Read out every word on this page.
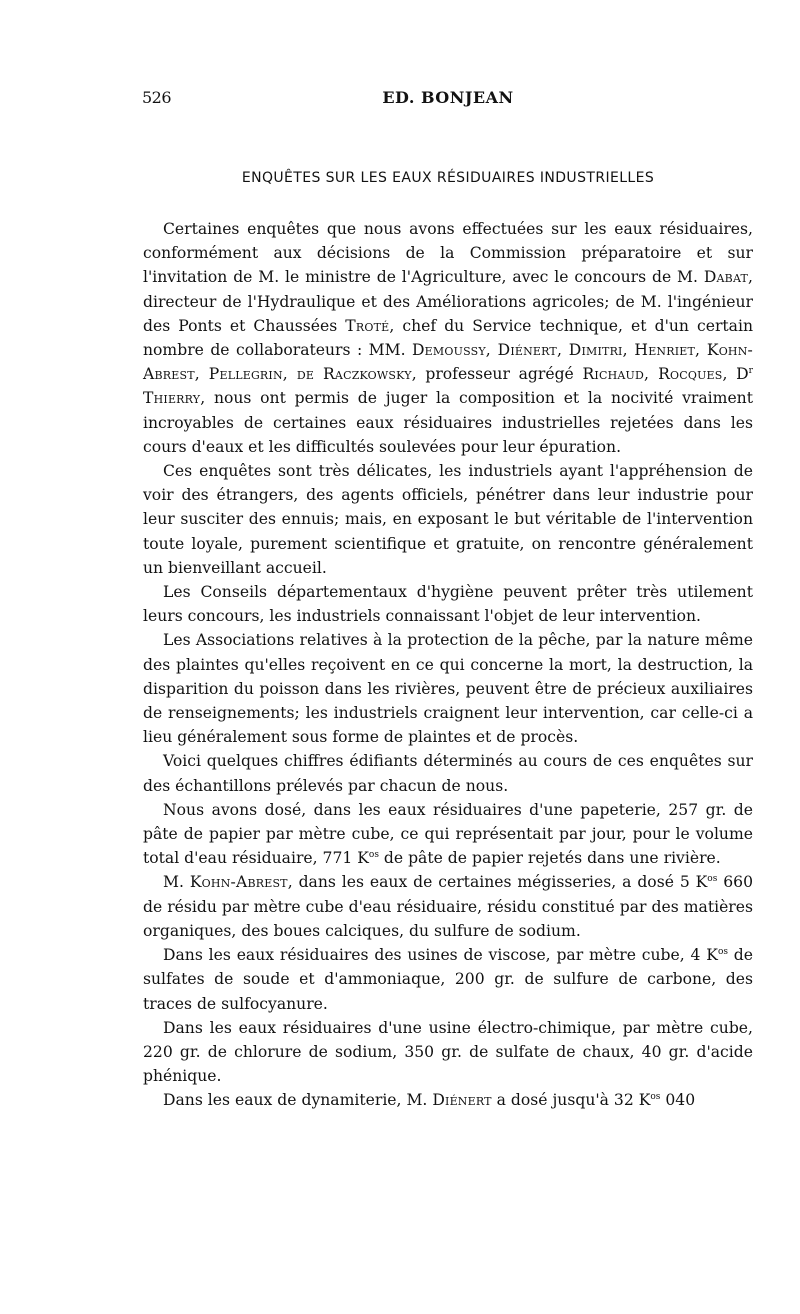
526	ED. BONJEAN
ENQUÊTES SUR LES EAUX RÉSIDUAIRES INDUSTRIELLES

Certaines enquêtes que nous avons effectuées sur les eaux résiduaires, conformément aux décisions de la Commission préparatoire et sur l'invitation de M. le ministre de l'Agriculture, avec le concours de M. Dabat, directeur de l'Hydraulique et des Améliorations agricoles; de M. l'ingénieur des Ponts et Chaussées Troté, chef du Service technique, et d'un certain nombre de collaborateurs : MM. Demoussy, Diénert, Dimitri, Henriet, Kohn-Abrest, Pellegrin, de Raczkowsky, professeur agrégé Richaud, Rocques, $D^r$ Thierry, nous ont permis de juger la composition et la nocivité vraiment incroyables de certaines eaux résiduaires industrielles rejetées dans les cours d'eaux et les difficultés soulevées pour leur épuration.

Ces enquêtes sont très délicates, les industriels ayant l'appréhension de voir des étrangers, des agents officiels, pénétrer dans leur industrie pour leur susciter des ennuis; mais, en exposant le but véritable de l'intervention toute loyale, purement scientifique et gratuite, on rencontre généralement un bienveillant accueil.

Les Conseils départementaux d'hygiène peuvent prêter très utilement leurs concours, les industriels connaissant l'objet de leur intervention.

Les Associations relatives à la protection de la pêche, par la nature même des plaintes qu'elles reçoivent en ce qui concerne la mort, la destruction, la disparition du poisson dans les rivières, peuvent être de précieux auxiliaires de renseignements; les industriels craignent leur intervention, car celle-ci a lieu généralement sous forme de plaintes et de procès.

Voici quelques chiffres édifiants déterminés au cours de ces enquêtes sur des échantillons prélevés par chacun de nous.

Nous avons dosé, dans les eaux résiduaires d'une papeterie, 257 gr. de pâte de papier par mètre cube, ce qui représentait par jour, pour le volume total d'eau résiduaire, 771 $K^{os}$ de pâte de papier rejetés dans une rivière.

M. Kohn-Abrest, dans les eaux de certaines mégisseries, a dosé 5 $K^{os}$ 660 de résidu par mètre cube d'eau résiduaire, résidu constitué par des matières organiques, des boues calciques, du sulfure de sodium.

Dans les eaux résiduaires des usines de viscose, par mètre cube, 4 $K^{os}$ de sulfates de soude et d'ammoniaque, 200 gr. de sulfure de carbone, des traces de sulfocyanure.

Dans les eaux résiduaires d'une usine électro-chimique, par mètre cube, 220 gr. de chlorure de sodium, 350 gr. de sulfate de chaux, 40 gr. d'acide phénique.

Dans les eaux de dynamiterie, M. Diénert a dosé jusqu'à 32 $K^{os}$ 040
